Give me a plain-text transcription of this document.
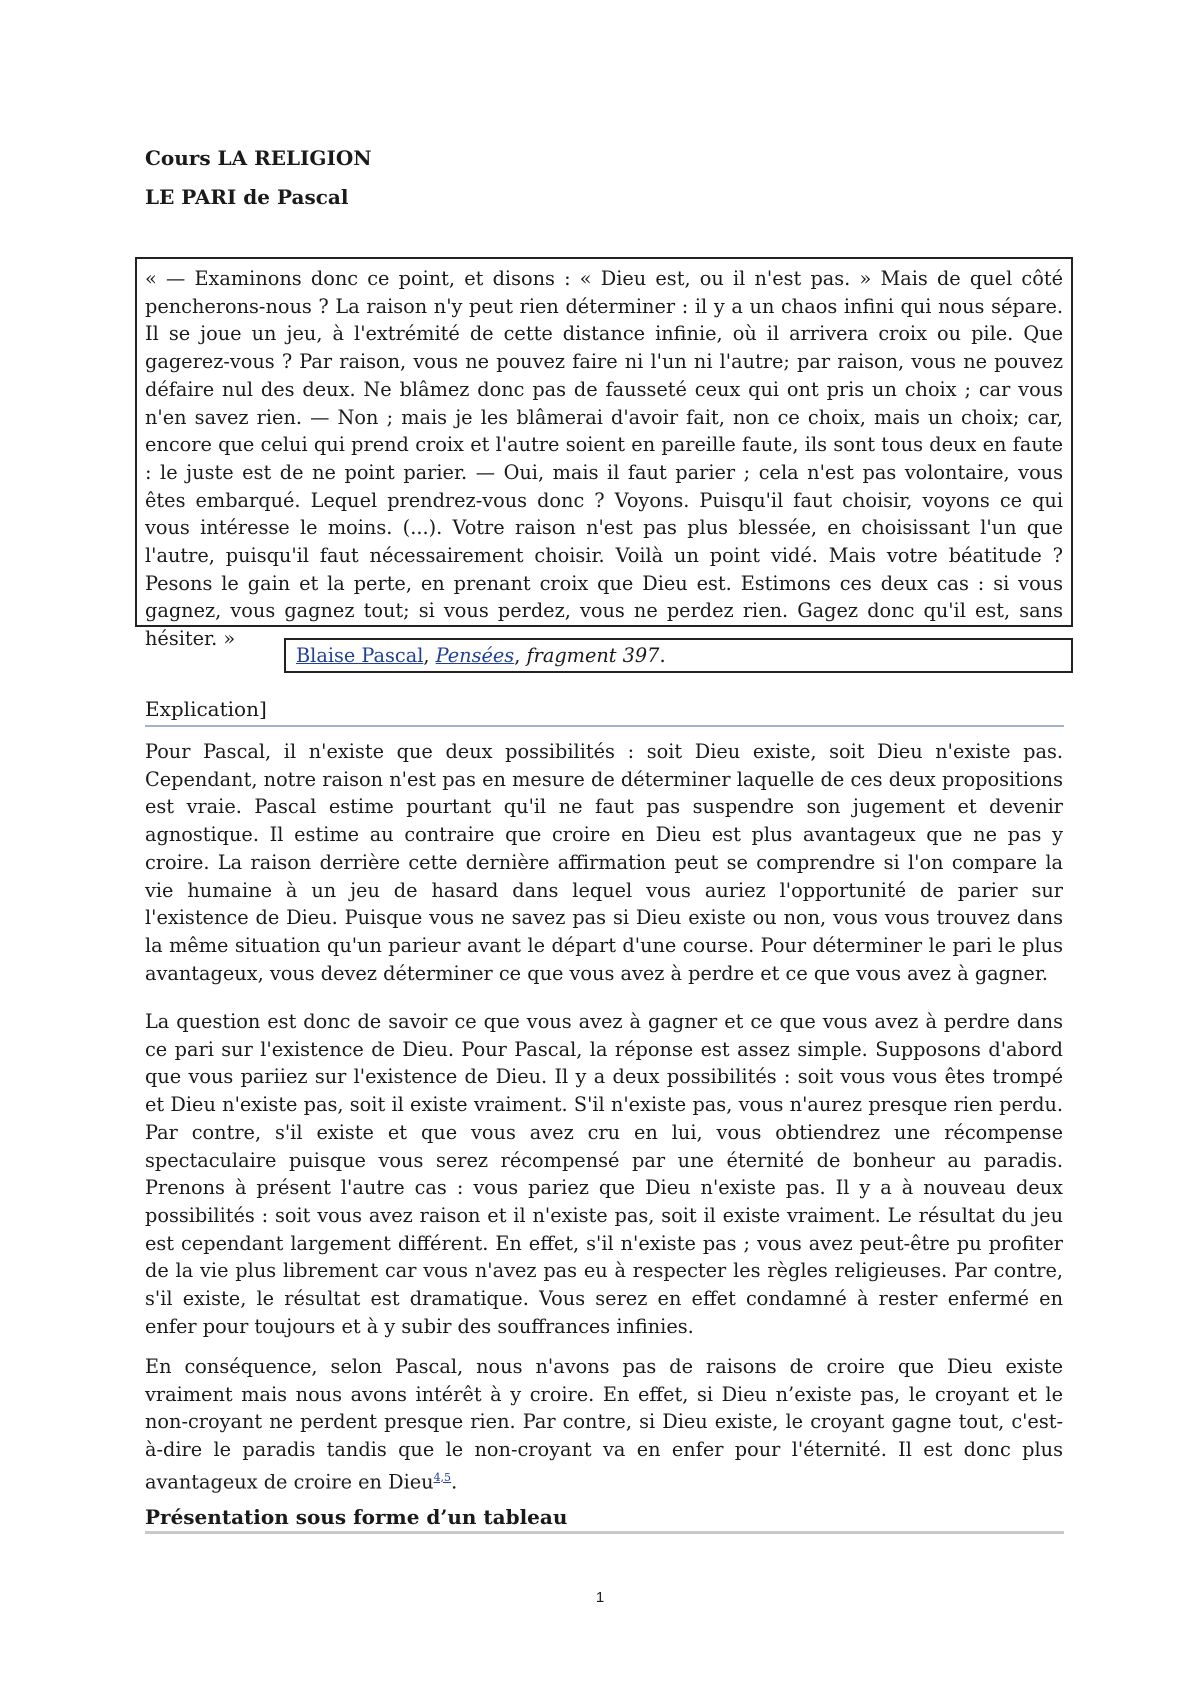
Cours LA RELIGION
LE PARI de Pascal
« — Examinons donc ce point, et disons : « Dieu est, ou il n'est pas. » Mais de quel côté pencherons-nous ? La raison n'y peut rien déterminer : il y a un chaos infini qui nous sépare. Il se joue un jeu, à l'extrémité de cette distance infinie, où il arrivera croix ou pile. Que gagerez-vous ? Par raison, vous ne pouvez faire ni l'un ni l'autre; par raison, vous ne pouvez défaire nul des deux. Ne blâmez donc pas de fausseté ceux qui ont pris un choix ; car vous n'en savez rien. — Non ; mais je les blâmerai d'avoir fait, non ce choix, mais un choix; car, encore que celui qui prend croix et l'autre soient en pareille faute, ils sont tous deux en faute : le juste est de ne point parier. — Oui, mais il faut parier ; cela n'est pas volontaire, vous êtes embarqué. Lequel prendrez-vous donc ? Voyons. Puisqu'il faut choisir, voyons ce qui vous intéresse le moins. (...). Votre raison n'est pas plus blessée, en choisissant l'un que l'autre, puisqu'il faut nécessairement choisir. Voilà un point vidé. Mais votre béatitude ? Pesons le gain et la perte, en prenant croix que Dieu est. Estimons ces deux cas : si vous gagnez, vous gagnez tout; si vous perdez, vous ne perdez rien. Gagez donc qu'il est, sans hésiter. »
Blaise Pascal, Pensées, fragment 397.
Explication]

Pour Pascal, il n'existe que deux possibilités : soit Dieu existe, soit Dieu n'existe pas. Cependant, notre raison n'est pas en mesure de déterminer laquelle de ces deux propositions est vraie. Pascal estime pourtant qu'il ne faut pas suspendre son jugement et devenir agnostique. Il estime au contraire que croire en Dieu est plus avantageux que ne pas y croire. La raison derrière cette dernière affirmation peut se comprendre si l'on compare la vie humaine à un jeu de hasard dans lequel vous auriez l'opportunité de parier sur l'existence de Dieu. Puisque vous ne savez pas si Dieu existe ou non, vous vous trouvez dans la même situation qu'un parieur avant le départ d'une course. Pour déterminer le pari le plus avantageux, vous devez déterminer ce que vous avez à perdre et ce que vous avez à gagner.

La question est donc de savoir ce que vous avez à gagner et ce que vous avez à perdre dans ce pari sur l'existence de Dieu. Pour Pascal, la réponse est assez simple. Supposons d'abord que vous pariiez sur l'existence de Dieu. Il y a deux possibilités : soit vous vous êtes trompé et Dieu n'existe pas, soit il existe vraiment. S'il n'existe pas, vous n'aurez presque rien perdu. Par contre, s'il existe et que vous avez cru en lui, vous obtiendrez une récompense spectaculaire puisque vous serez récompensé par une éternité de bonheur au paradis. Prenons à présent l'autre cas : vous pariez que Dieu n'existe pas. Il y a à nouveau deux possibilités : soit vous avez raison et il n'existe pas, soit il existe vraiment. Le résultat du jeu est cependant largement différent. En effet, s'il n'existe pas ; vous avez peut-être pu profiter de la vie plus librement car vous n'avez pas eu à respecter les règles religieuses. Par contre, s'il existe, le résultat est dramatique. Vous serez en effet condamné à rester enfermé en enfer pour toujours et à y subir des souffrances infinies.

En conséquence, selon Pascal, nous n'avons pas de raisons de croire que Dieu existe vraiment mais nous avons intérêt à y croire. En effet, si Dieu n’existe pas, le croyant et le non-croyant ne perdent presque rien. Par contre, si Dieu existe, le croyant gagne tout, c'est-à-dire le paradis tandis que le non-croyant va en enfer pour l'éternité. Il est donc plus avantageux de croire en Dieu$^{4,5}$.

Présentation sous forme d’un tableau
1
